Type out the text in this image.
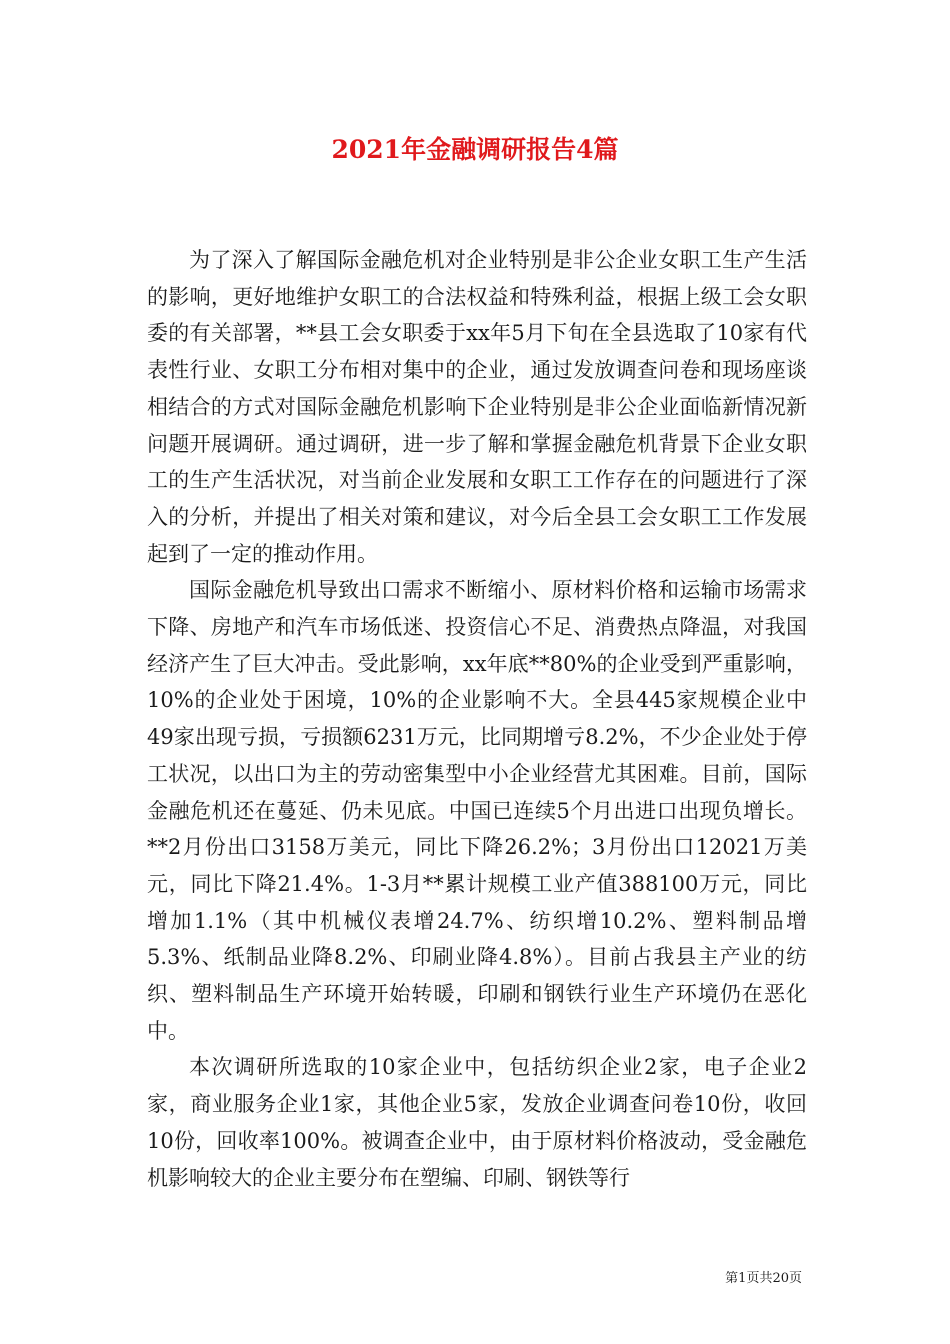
2021年金融调研报告4篇

为了深入了解国际金融危机对企业特别是非公企业女职工生产生活的影响，更好地维护女职工的合法权益和特殊利益，根据上级工会女职委的有关部署，**县工会女职委于xx年5月下旬在全县选取了10家有代表性行业、女职工分布相对集中的企业，通过发放调查问卷和现场座谈相结合的方式对国际金融危机影响下企业特别是非公企业面临新情况新问题开展调研。通过调研，进一步了解和掌握金融危机背景下企业女职工的生产生活状况，对当前企业发展和女职工工作存在的问题进行了深入的分析，并提出了相关对策和建议，对今后全县工会女职工工作发展起到了一定的推动作用。

国际金融危机导致出口需求不断缩小、原材料价格和运输市场需求下降、房地产和汽车市场低迷、投资信心不足、消费热点降温，对我国经济产生了巨大冲击。受此影响，xx年底**80%的企业受到严重影响，10%的企业处于困境，10%的企业影响不大。全县445家规模企业中49家出现亏损，亏损额6231万元，比同期增亏8.2%，不少企业处于停工状况，以出口为主的劳动密集型中小企业经营尤其困难。目前，国际金融危机还在蔓延、仍未见底。中国已连续5个月出进口出现负增长。**2月份出口3158万美元，同比下降26.2%；3月份出口12021万美元，同比下降21.4%。1-3月**累计规模工业产值388100万元，同比增加1.1%（其中机械仪表增24.7%、纺织增10.2%、塑料制品增5.3%、纸制品业降8.2%、印刷业降4.8%）。目前占我县主产业的纺织、塑料制品生产环境开始转暖，印刷和钢铁行业生产环境仍在恶化中。

本次调研所选取的10家企业中，包括纺织企业2家，电子企业2家，商业服务企业1家，其他企业5家，发放企业调查问卷10份，收回10份，回收率100%。被调查企业中，由于原材料价格波动，受金融危机影响较大的企业主要分布在塑编、印刷、钢铁等行

第1页共20页
